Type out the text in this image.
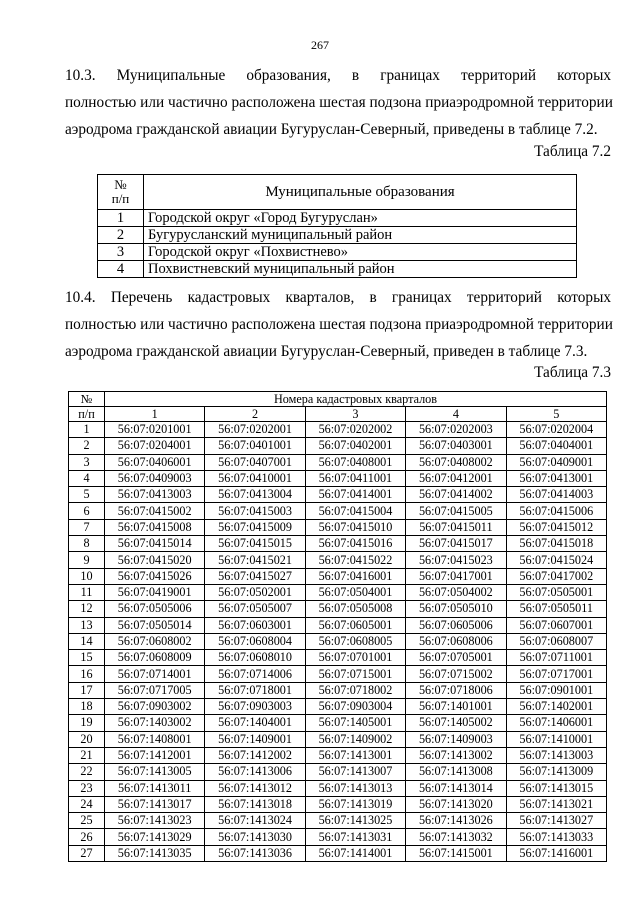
267

10.3. Муниципальные образования, в границах территорий которых
полностью или частично расположена шестая подзона приаэродромной территории
аэродрома гражданской авиации Бугуруслан-Северный, приведены в таблице 7.2.

Таблица 7.2
№
п/п	Муниципальные образования
1	Городской округ «Город Бугуруслан»
2	Бугурусланский муниципальный район
3	Городской округ «Похвистнево»
4	Похвистневский муниципальный район

10.4. Перечень кадастровых кварталов, в границах территорий которых
полностью или частично расположена шестая подзона приаэродромной территории
аэродрома гражданской авиации Бугуруслан-Северный, приведен в таблице 7.3.

Таблица 7.3
№	Номера кадастровых кварталов				
п/п	1	2	3	4	5
1	56:07:0201001	56:07:0202001	56:07:0202002	56:07:0202003	56:07:0202004
2	56:07:0204001	56:07:0401001	56:07:0402001	56:07:0403001	56:07:0404001
3	56:07:0406001	56:07:0407001	56:07:0408001	56:07:0408002	56:07:0409001
4	56:07:0409003	56:07:0410001	56:07:0411001	56:07:0412001	56:07:0413001
5	56:07:0413003	56:07:0413004	56:07:0414001	56:07:0414002	56:07:0414003
6	56:07:0415002	56:07:0415003	56:07:0415004	56:07:0415005	56:07:0415006
7	56:07:0415008	56:07:0415009	56:07:0415010	56:07:0415011	56:07:0415012
8	56:07:0415014	56:07:0415015	56:07:0415016	56:07:0415017	56:07:0415018
9	56:07:0415020	56:07:0415021	56:07:0415022	56:07:0415023	56:07:0415024
10	56:07:0415026	56:07:0415027	56:07:0416001	56:07:0417001	56:07:0417002
11	56:07:0419001	56:07:0502001	56:07:0504001	56:07:0504002	56:07:0505001
12	56:07:0505006	56:07:0505007	56:07:0505008	56:07:0505010	56:07:0505011
13	56:07:0505014	56:07:0603001	56:07:0605001	56:07:0605006	56:07:0607001
14	56:07:0608002	56:07:0608004	56:07:0608005	56:07:0608006	56:07:0608007
15	56:07:0608009	56:07:0608010	56:07:0701001	56:07:0705001	56:07:0711001
16	56:07:0714001	56:07:0714006	56:07:0715001	56:07:0715002	56:07:0717001
17	56:07:0717005	56:07:0718001	56:07:0718002	56:07:0718006	56:07:0901001
18	56:07:0903002	56:07:0903003	56:07:0903004	56:07:1401001	56:07:1402001
19	56:07:1403002	56:07:1404001	56:07:1405001	56:07:1405002	56:07:1406001
20	56:07:1408001	56:07:1409001	56:07:1409002	56:07:1409003	56:07:1410001
21	56:07:1412001	56:07:1412002	56:07:1413001	56:07:1413002	56:07:1413003
22	56:07:1413005	56:07:1413006	56:07:1413007	56:07:1413008	56:07:1413009
23	56:07:1413011	56:07:1413012	56:07:1413013	56:07:1413014	56:07:1413015
24	56:07:1413017	56:07:1413018	56:07:1413019	56:07:1413020	56:07:1413021
25	56:07:1413023	56:07:1413024	56:07:1413025	56:07:1413026	56:07:1413027
26	56:07:1413029	56:07:1413030	56:07:1413031	56:07:1413032	56:07:1413033
27	56:07:1413035	56:07:1413036	56:07:1414001	56:07:1415001	56:07:1416001
